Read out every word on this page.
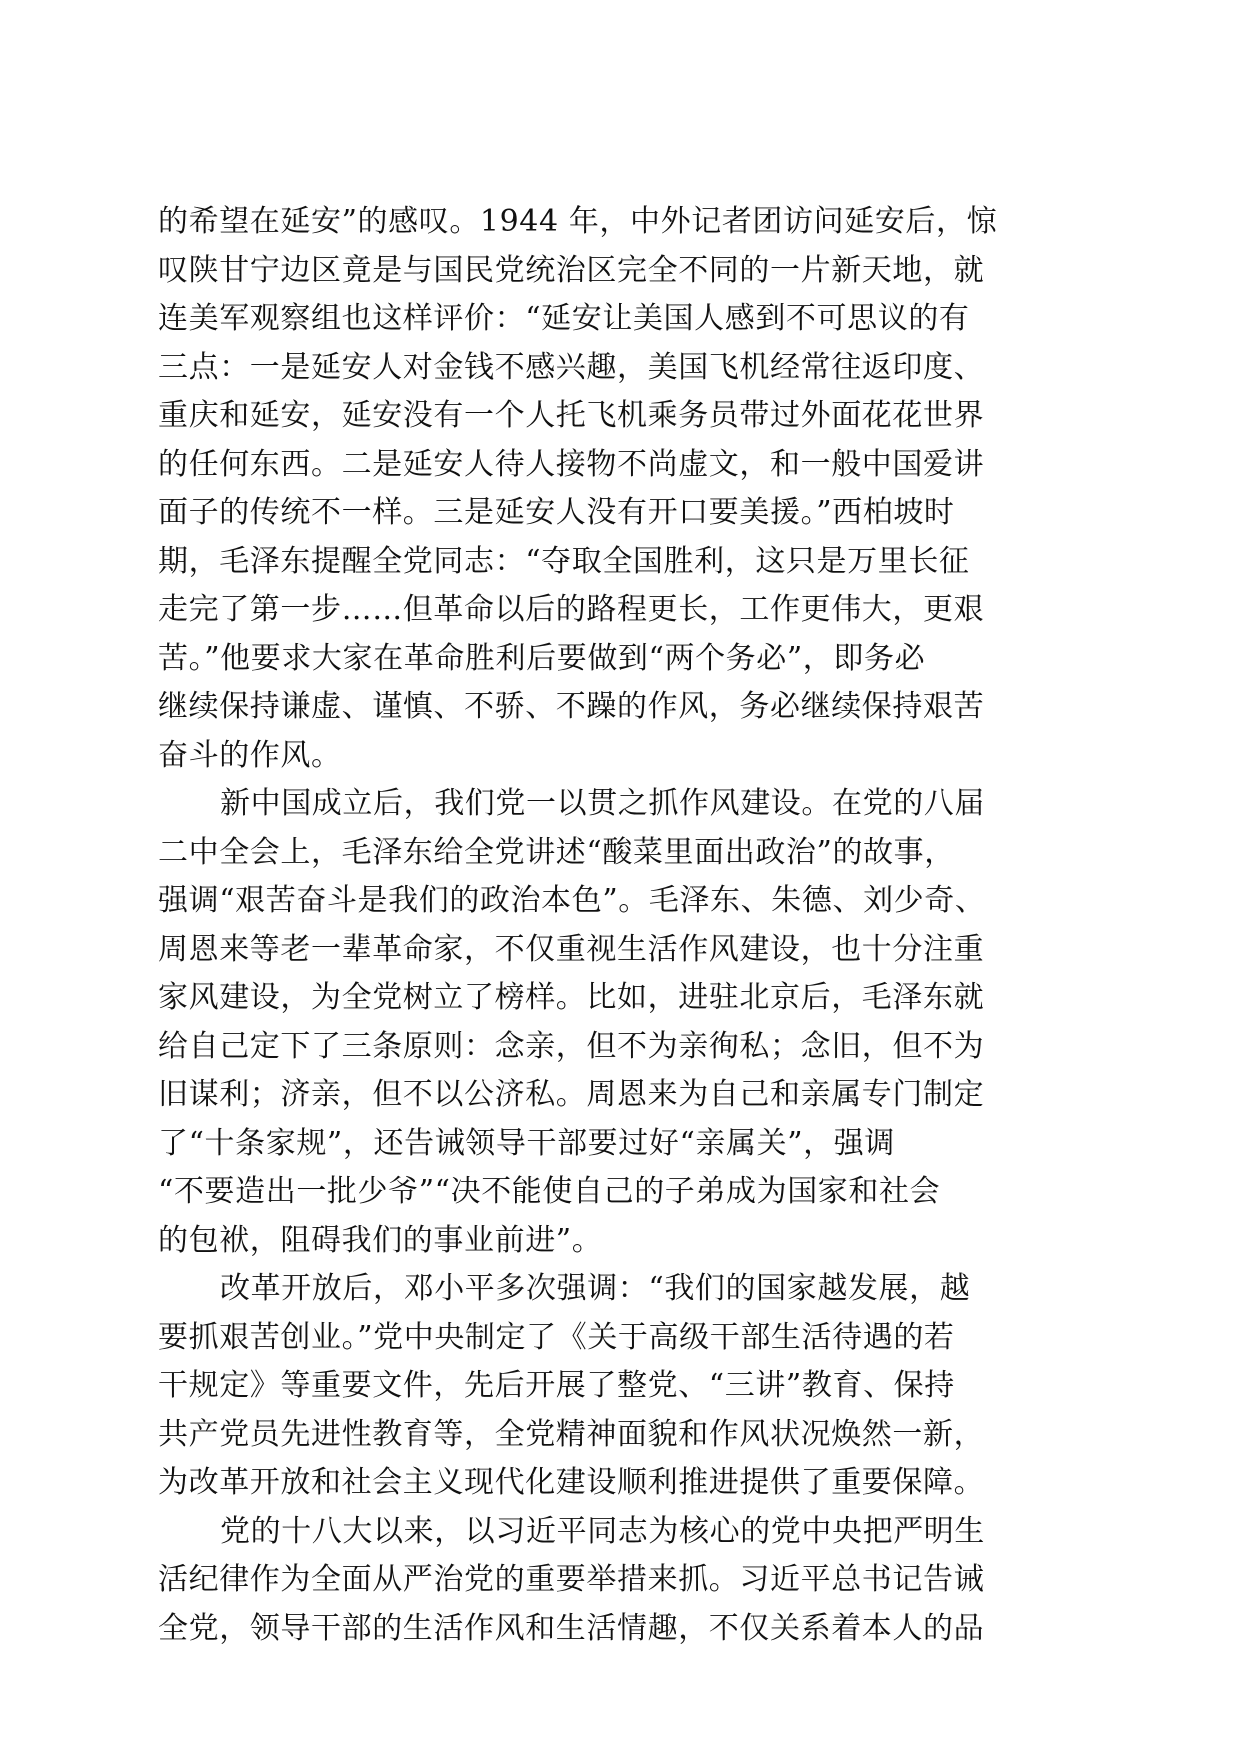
的希望在延安”的感叹。1944 年，中外记者团访问延安后，惊
叹陕甘宁边区竟是与国民党统治区完全不同的一片新天地，就
连美军观察组也这样评价：“延安让美国人感到不可思议的有
三点：一是延安人对金钱不感兴趣，美国飞机经常往返印度、
重庆和延安，延安没有一个人托飞机乘务员带过外面花花世界
的任何东西。二是延安人待人接物不尚虚文，和一般中国爱讲
面子的传统不一样。三是延安人没有开口要美援。”西柏坡时
期，毛泽东提醒全党同志：“夺取全国胜利，这只是万里长征
走完了第一步……但革命以后的路程更长，工作更伟大，更艰
苦。”他要求大家在革命胜利后要做到“两个务必”，即务必
继续保持谦虚、谨慎、不骄、不躁的作风，务必继续保持艰苦
奋斗的作风。
新中国成立后，我们党一以贯之抓作风建设。在党的八届
二中全会上，毛泽东给全党讲述“酸菜里面出政治”的故事，
强调“艰苦奋斗是我们的政治本色”。毛泽东、朱德、刘少奇、
周恩来等老一辈革命家，不仅重视生活作风建设，也十分注重
家风建设，为全党树立了榜样。比如，进驻北京后，毛泽东就
给自己定下了三条原则：念亲，但不为亲徇私；念旧，但不为
旧谋利；济亲，但不以公济私。周恩来为自己和亲属专门制定
了“十条家规”，还告诫领导干部要过好“亲属关”，强调
“不要造出一批少爷”“决不能使自己的子弟成为国家和社会
的包袱，阻碍我们的事业前进”。
改革开放后，邓小平多次强调：“我们的国家越发展，越
要抓艰苦创业。”党中央制定了《关于高级干部生活待遇的若
干规定》等重要文件，先后开展了整党、“三讲”教育、保持
共产党员先进性教育等，全党精神面貌和作风状况焕然一新，
为改革开放和社会主义现代化建设顺利推进提供了重要保障。
党的十八大以来，以习近平同志为核心的党中央把严明生
活纪律作为全面从严治党的重要举措来抓。习近平总书记告诫
全党，领导干部的生活作风和生活情趣，不仅关系着本人的品
